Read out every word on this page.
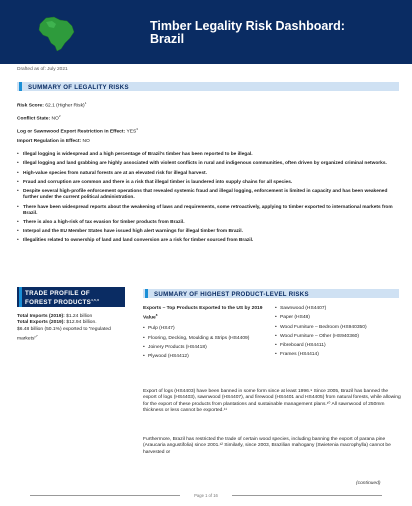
Timber Legality Risk Dashboard:
Brazil
Drafted as of: July 2021
SUMMARY OF LEGALITY RISKS
Risk Score: 62.1 (Higher Risk)$^1$
Conflict State: $NO^2$
Log or Sawnwood Export Restriction in Effect: YES$^3$
Import Regulation in Effect: NO
• Illegal logging is widespread and a high percentage of Brazil's timber has been reported to be illegal.
• Illegal logging and land grabbing are highly associated with violent conflicts in rural and indigenous communities, often driven by organized criminal networks.
• High-value species from natural forests are at an elevated risk for illegal harvest.
• Fraud and corruption are common and there is a risk that illegal timber is laundered into supply chains for all species.
• Despite several high-profile enforcement operations that revealed systemic fraud and illegal logging, enforcement is limited in capacity and has been weakened further under the current political administration.
• There have been widespread reports about the weakening of laws and requirements, some retroactively, applying to timber exported to international markets from Brazil.
• There is also a high-risk of tax evasion for timber products from Brazil.
• Interpol and the EU Member States have issued high alert warnings for illegal timber from Brazil.
• Illegalities related to ownership of land and land conversion are a risk for timber sourced from Brazil.
TRADE PROFILE OF
FOREST PRODUCTS$^{4,5,6}$
Total Imports (2019): $1.24 billion
Total Exports (2019): $12.94 billion.
$6.48 billion (50.1%) exported to “regulated markets”$^7$
SUMMARY OF HIGHEST PRODUCT-LEVEL RISKS
Exports – Top Products Exported to the US by 2019 Value$^8$
• Pulp (HS47)
• Flooring, Decking, Moulding & Strips (HS4409)
• Joinery Products (HS4418)
• Plywood (HS4412)
• Sawnwood (HS4407)
• Paper (HS48)
• Wood Furniture – Bedroom (HS940350)
• Wood Furniture – Other (HS940360)
• Fibreboard (HS4411)
• Frames (HS4414)
Export of logs (HS4403) have been banned in some form since at least 1996.⁹ Since 2005, Brazil has banned the export of logs (HS4403), sawnwood (HS4407), and firewood (HS4401 and HS4405) from natural forests, while allowing for the export of these products from plantations and sustainable management plans.¹⁰ All sawnwood of 250mm thickness or less cannot be exported.¹¹
Furthermore, Brazil has restricted the trade of certain wood species, including banning the export of parana pine (Araucaria angustifolia) since 2001.¹² Similarly, since 2003, Brazilian mahogany (Swietenia macrophylla) cannot be harvested or
(continued)
Page 1 of 16
